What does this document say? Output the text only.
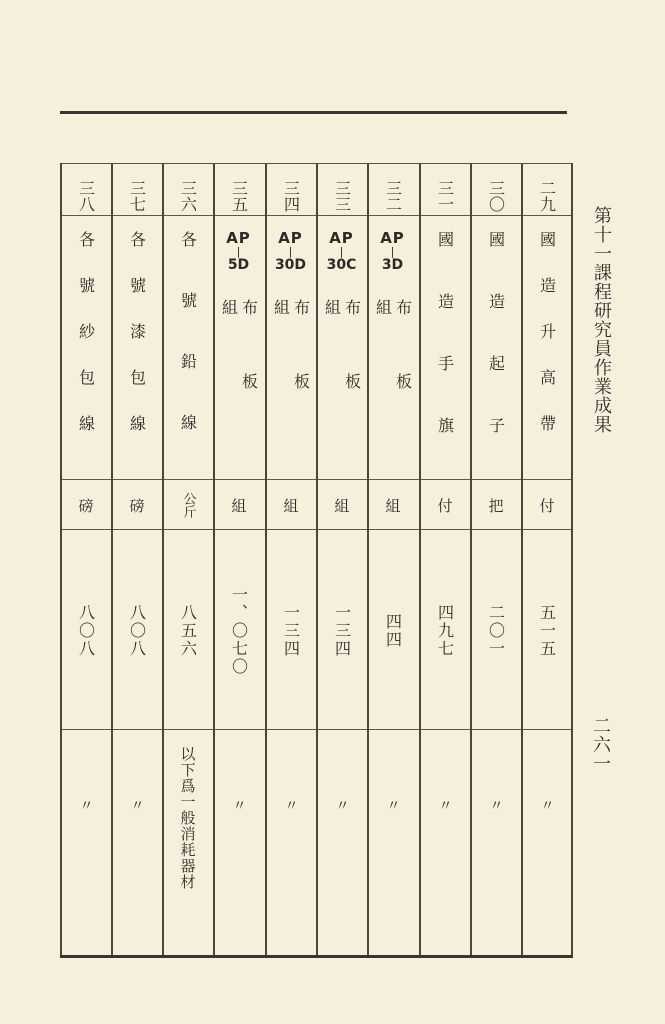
第十一課程研究員作業成果
二六一
三八
各號紗包線
磅
八〇八
〃
三七
各號漆包線
磅
八〇八
〃
三六
各號鉛線
公斤
八五六
以下爲一般消耗器材
三五
AP
|
5D
布板組
組
一、〇七〇
〃
三四
AP
|
30D
布板組
組
一三四
〃
三三
AP
|
30C
布板組
組
一三四
〃
三二
AP
|
3D
布板組
組
四四
〃
三一
國造手旗
付
四九七
〃
三〇
國造起子
把
二〇一
〃
二九
國造升高帶
付
五一五
〃
